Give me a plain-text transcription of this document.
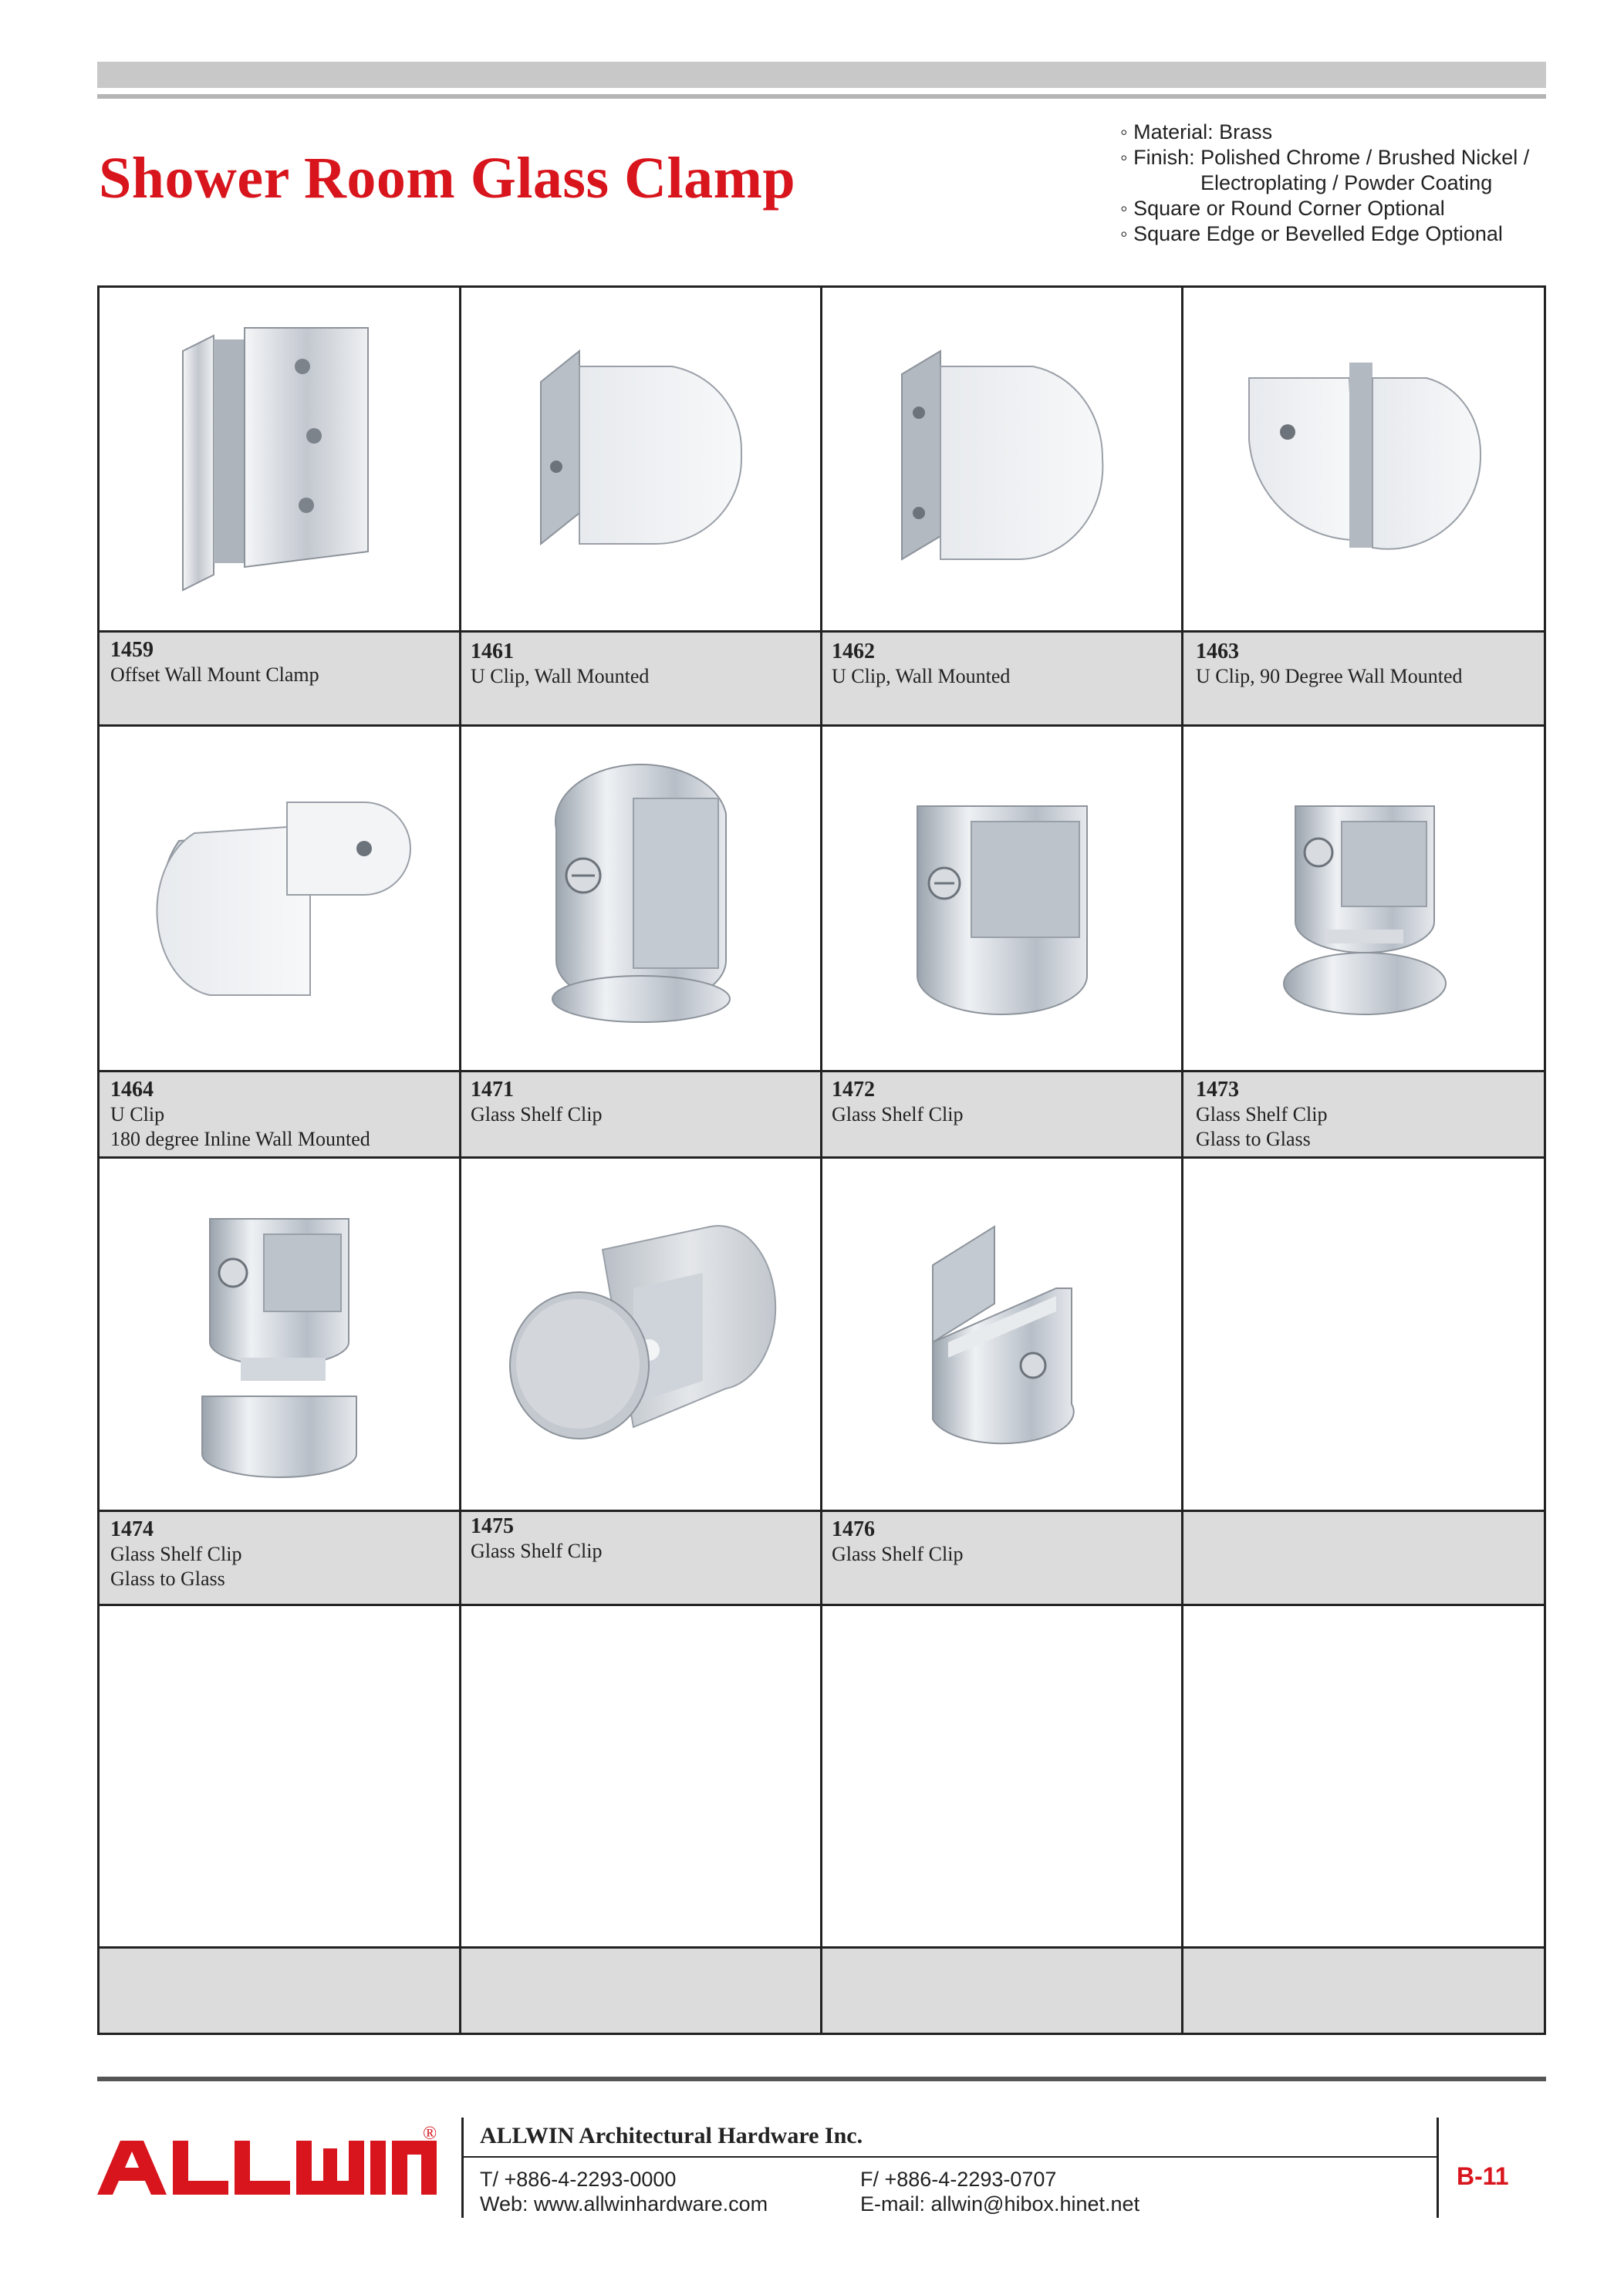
Shower Room Glass Clamp
◦ Material: Brass
◦ Finish: Polished Chrome / Brushed Nickel /
Electroplating / Powder Coating
◦ Square or Round Corner Optional
◦ Square Edge or Bevelled Edge Optional
1459
Offset Wall Mount Clamp
1461
U Clip, Wall Mounted
1462
U Clip, Wall Mounted
1463
U Clip, 90 Degree Wall Mounted
1464
U Clip
180 degree Inline Wall Mounted
1471
Glass Shelf Clip
1472
Glass Shelf Clip
1473
Glass Shelf Clip
Glass to Glass
1474
Glass Shelf Clip
Glass to Glass
1475
Glass Shelf Clip
1476
Glass Shelf Clip
® ALLWIN Architectural Hardware Inc.
T/ +886-4-2293-0000	F/ +886-4-2293-0707
Web: www.allwinhardware.com	E-mail: allwin@hibox.hinet.net
B-11
